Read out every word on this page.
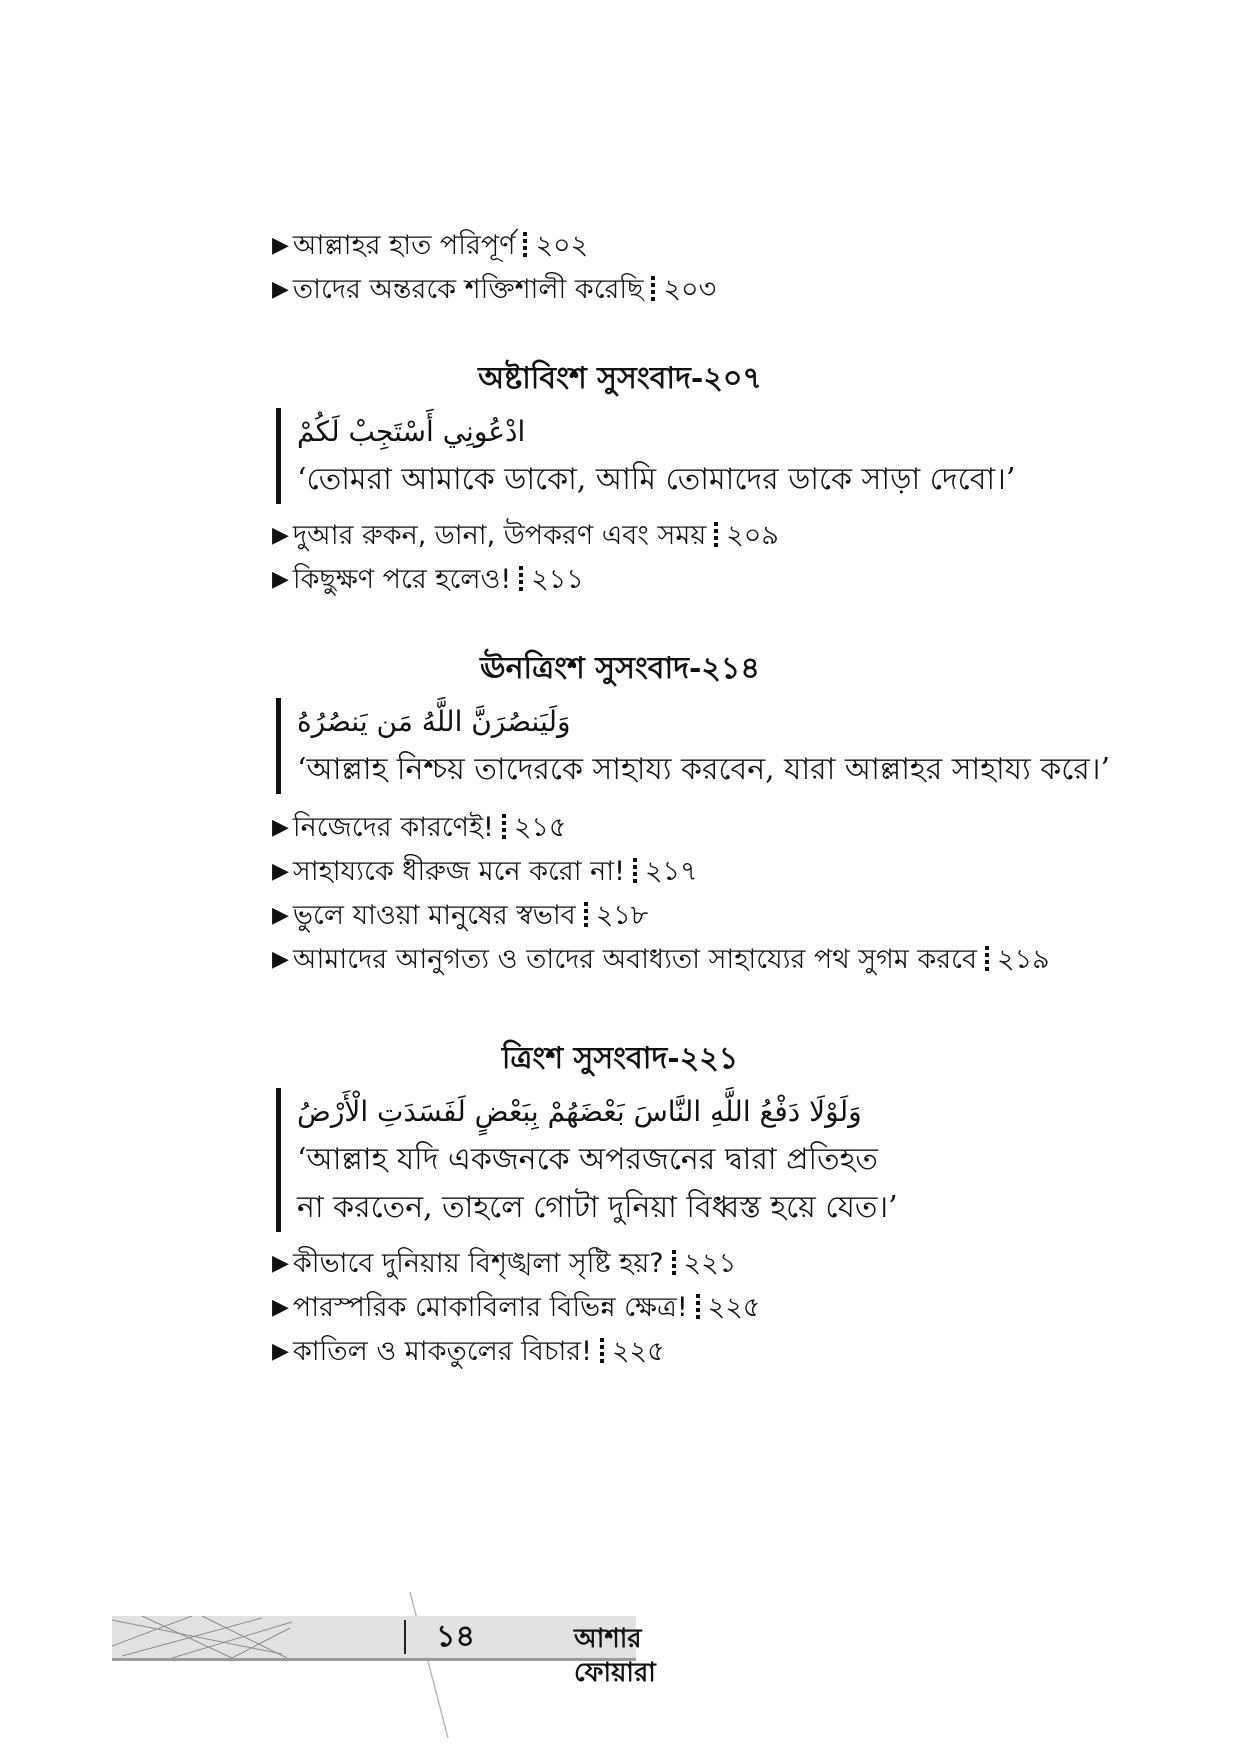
▶ আল্লাহর হাত পরিপূর্ণ ২০২
▶ তাদের অন্তরকে শক্তিশালী করেছি ২০৩
অষ্টাবিংশ সুসংবাদ-২০৭
ادْعُونِي أَسْتَجِبْ لَكُمْ
‘তোমরা আমাকে ডাকো, আমি তোমাদের ডাকে সাড়া দেবো।’
▶ দুআর রুকন, ডানা, উপকরণ এবং সময় ২০৯
▶ কিছুক্ষণ পরে হলেও! ২১১
ঊনত্রিংশ সুসংবাদ-২১৪
وَلَيَنصُرَنَّ اللَّهُ مَن يَنصُرُهُ
‘আল্লাহ নিশ্চয় তাদেরকে সাহায্য করবেন, যারা আল্লাহর সাহায্য করে।’
▶ নিজেদের কারণেই! ২১৫
▶ সাহায্যকে ধীরুজ মনে করো না! ২১৭
▶ ভুলে যাওয়া মানুষের স্বভাব ২১৮
▶ আমাদের আনুগত্য ও তাদের অবাধ্যতা সাহায্যের পথ সুগম করবে ২১৯
ত্রিংশ সুসংবাদ-২২১
وَلَوْلَا دَفْعُ اللَّهِ النَّاسَ بَعْضَهُمْ بِبَعْضٍ لَفَسَدَتِ الْأَرْضُ
‘আল্লাহ যদি একজনকে অপরজনের দ্বারা প্রতিহত
না করতেন, তাহলে গোটা দুনিয়া বিধ্বস্ত হয়ে যেত।’
▶ কীভাবে দুনিয়ায় বিশৃঙ্খলা সৃষ্টি হয়? ২২১
▶ পারস্পরিক মোকাবিলার বিভিন্ন ক্ষেত্র! ২২৫
▶ কাতিল ও মাকতুলের বিচার! ২২৫
১৪	আশার ফোয়ারা
